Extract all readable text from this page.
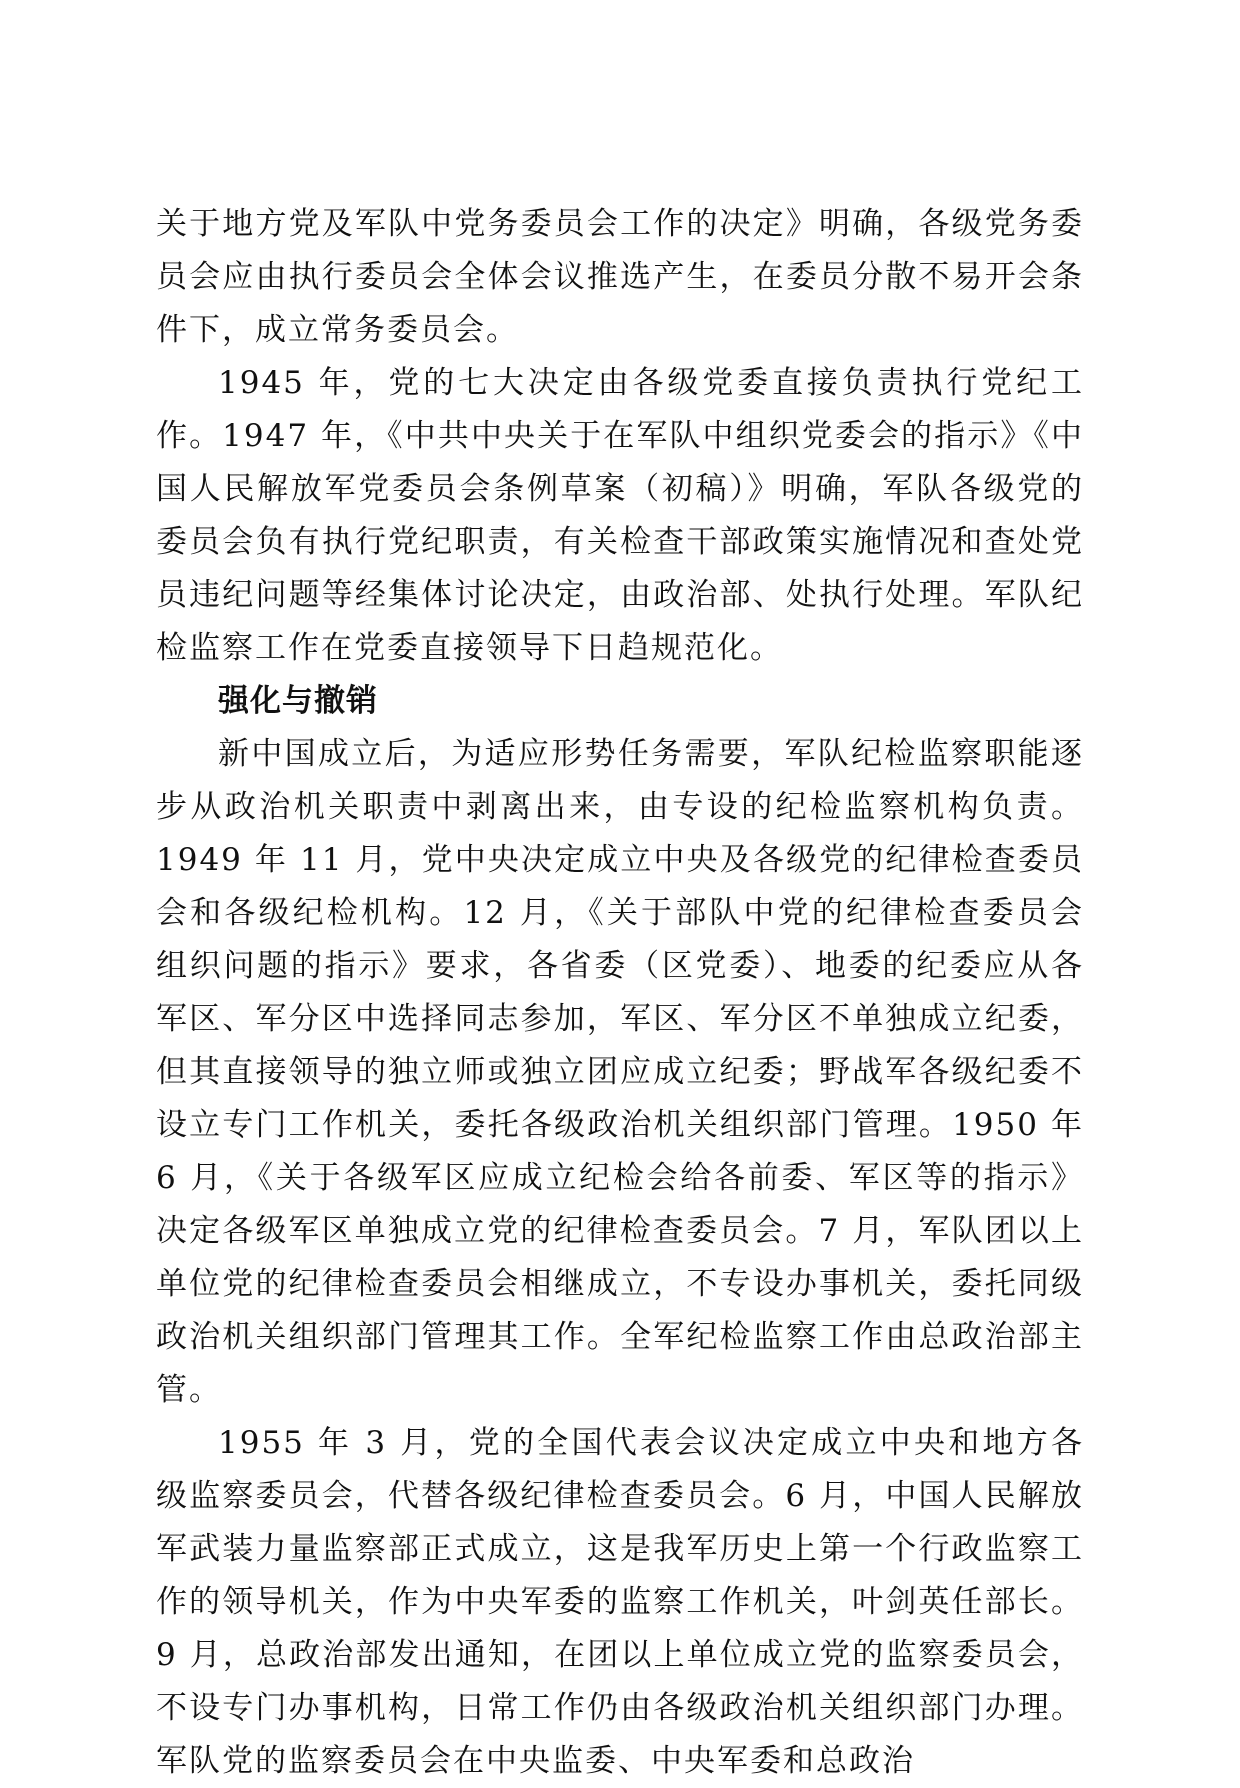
关于地方党及军队中党务委员会工作的决定》明确，各级党务委员会应由执行委员会全体会议推选产生，在委员分散不易开会条件下，成立常务委员会。

1945 年，党的七大决定由各级党委直接负责执行党纪工作。1947 年，《中共中央关于在军队中组织党委会的指示》《中国人民解放军党委员会条例草案（初稿）》明确，军队各级党的委员会负有执行党纪职责，有关检查干部政策实施情况和查处党员违纪问题等经集体讨论决定，由政治部、处执行处理。军队纪检监察工作在党委直接领导下日趋规范化。

强化与撤销

新中国成立后，为适应形势任务需要，军队纪检监察职能逐步从政治机关职责中剥离出来，由专设的纪检监察机构负责。1949 年 11 月，党中央决定成立中央及各级党的纪律检查委员会和各级纪检机构。12 月，《关于部队中党的纪律检查委员会组织问题的指示》要求，各省委（区党委）、地委的纪委应从各军区、军分区中选择同志参加，军区、军分区不单独成立纪委，但其直接领导的独立师或独立团应成立纪委；野战军各级纪委不设立专门工作机关，委托各级政治机关组织部门管理。1950 年 6 月，《关于各级军区应成立纪检会给各前委、军区等的指示》决定各级军区单独成立党的纪律检查委员会。7 月，军队团以上单位党的纪律检查委员会相继成立，不专设办事机关，委托同级政治机关组织部门管理其工作。全军纪检监察工作由总政治部主管。

1955 年 3 月，党的全国代表会议决定成立中央和地方各级监察委员会，代替各级纪律检查委员会。6 月，中国人民解放军武装力量监察部正式成立，这是我军历史上第一个行政监察工作的领导机关，作为中央军委的监察工作机关，叶剑英任部长。9 月，总政治部发出通知，在团以上单位成立党的监察委员会，不设专门办事机构，日常工作仍由各级政治机关组织部门办理。军队党的监察委员会在中央监委、中央军委和总政治
